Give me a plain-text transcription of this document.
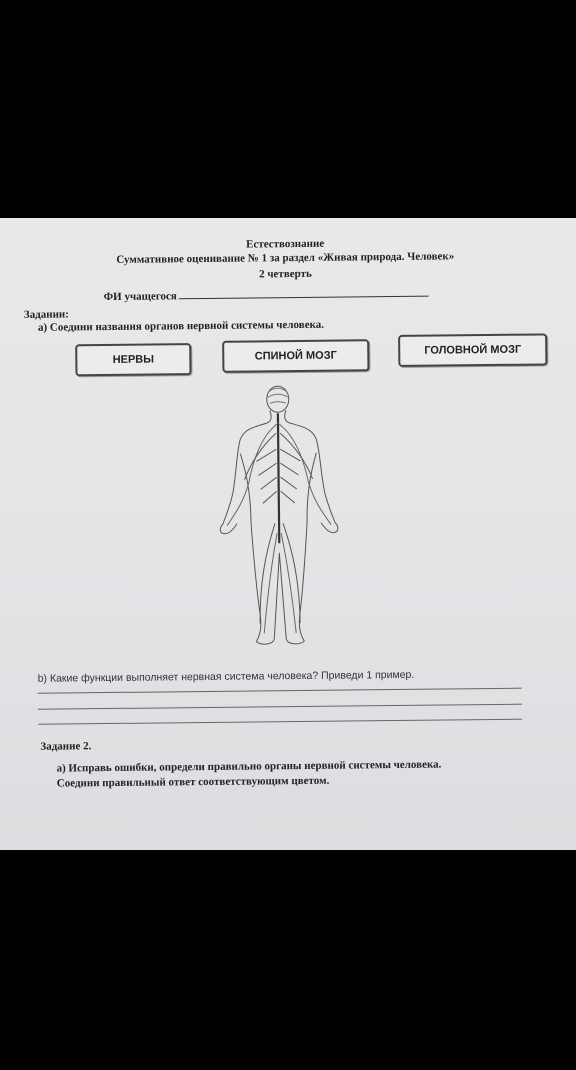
Естествознание
Суммативное оценивание № 1 за раздел «Живая природа. Человек»
2 четверть
ФИ учащегося
Задании:
а) Соедини названия органов нервной системы человека.
НЕРВЫ	СПИНОЙ МОЗГ	ГОЛОВНОЙ МОЗГ
b) Какие функции выполняет нервная система человека? Приведи 1 пример.
Задание 2.
а) Исправь ошибки, определи правильно органы нервной системы человека.
Соедини правильный ответ соответствующим цветом.
